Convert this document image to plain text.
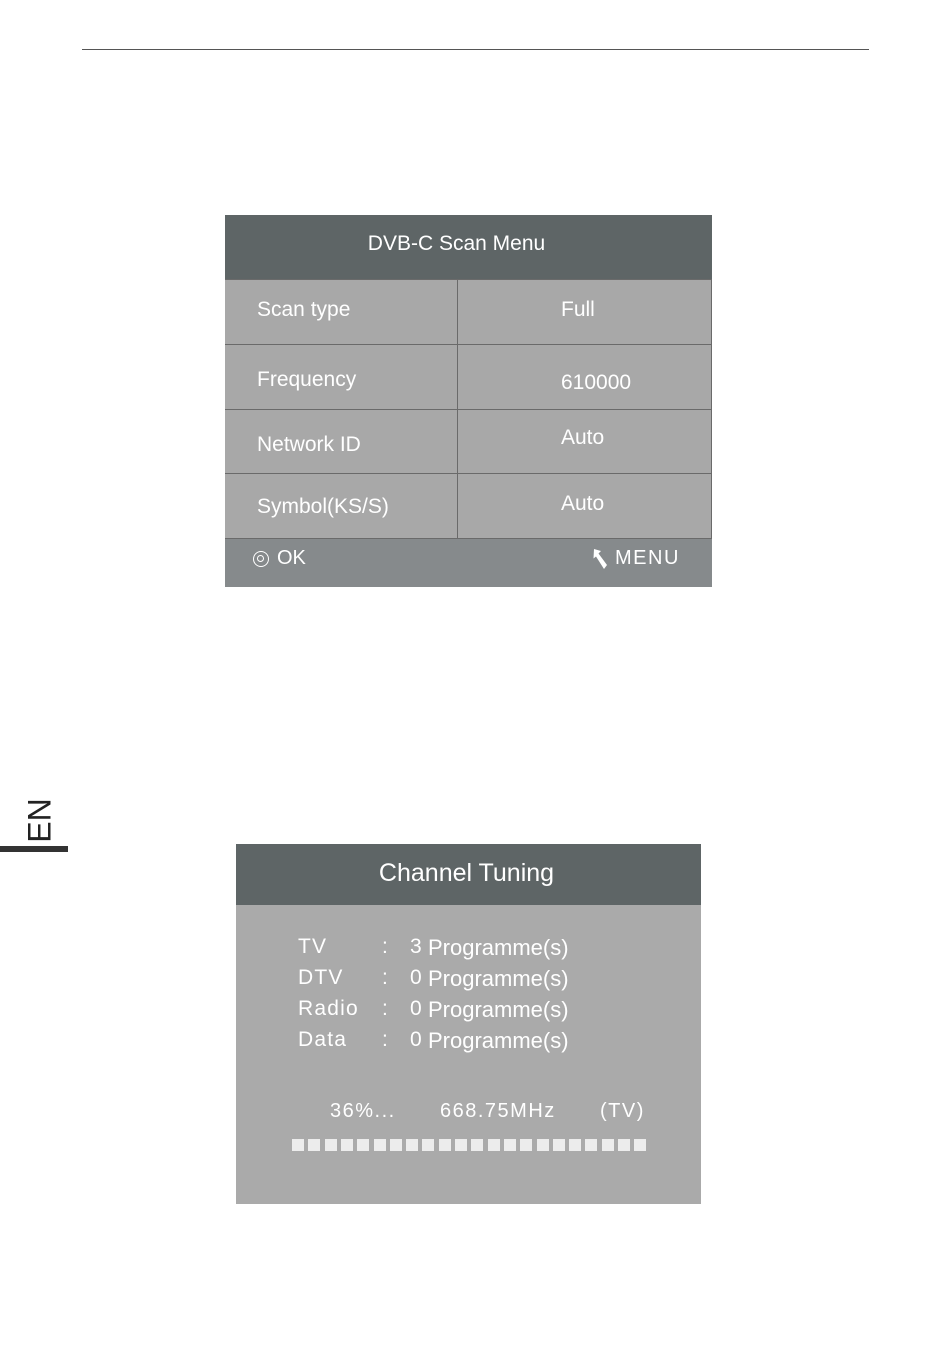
DVB-C Scan Menu
Scan type	Full
Frequency	610000
Network ID	Auto
Symbol(KS/S)	Auto
OK	MENU
EN
Channel Tuning
TV	: 3 Programme(s)
DTV : 0 Programme(s)
Radio : 0 Programme(s)
Data : 0 Programme(s)
36%... 668.75MHz (TV)
